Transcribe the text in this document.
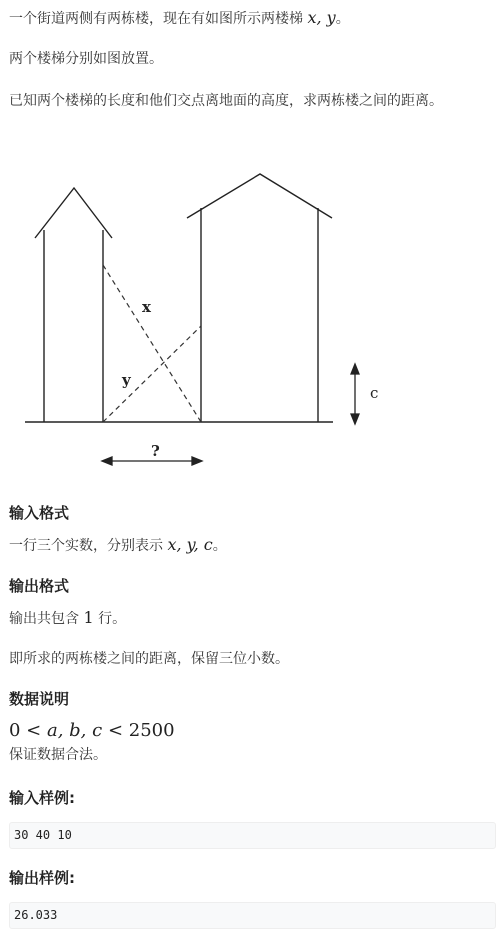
一个街道两侧有两栋楼，现在有如图所示两楼梯 x, y。

两个楼梯分别如图放置。

已知两个楼梯的长度和他们交点离地面的高度，求两栋楼之间的距离。

x
y
c
?
输入格式

一行三个实数，分别表示 x, y, c。

输出格式

输出共包含 1 行。

即所求的两栋楼之间的距离，保留三位小数。

数据说明
0 < a, b, c < 2500

保证数据合法。

输入样例:
30 40 10
输出样例:
26.033
